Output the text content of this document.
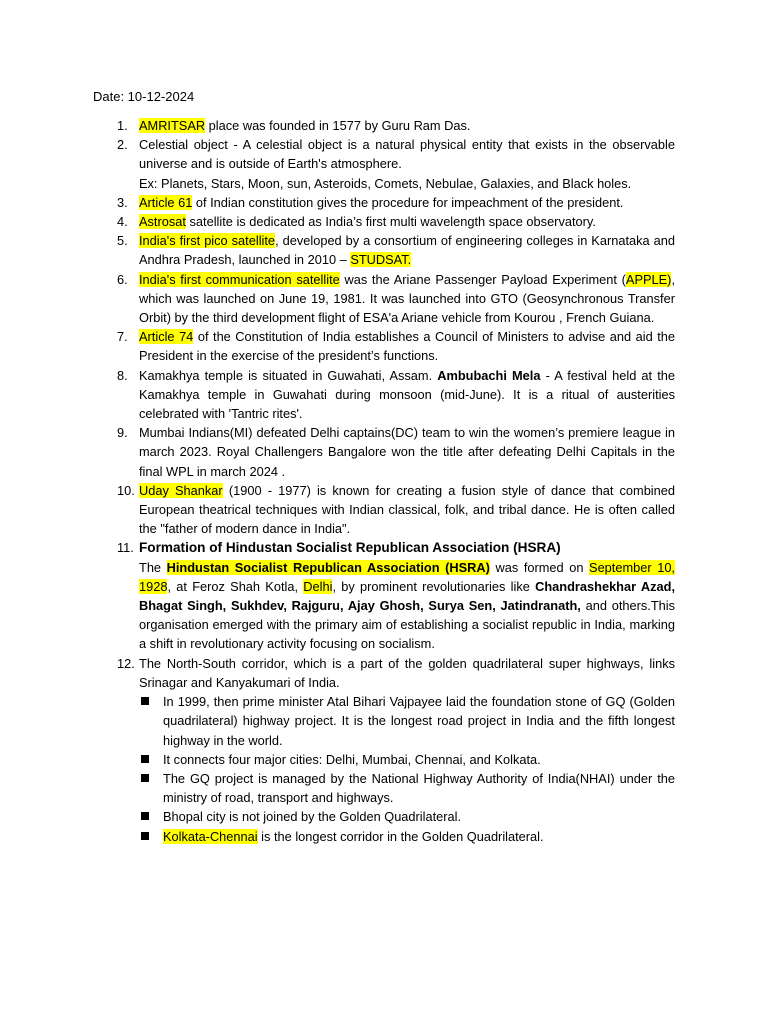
Date: 10-12-2024
1. AMRITSAR place was founded in 1577 by Guru Ram Das.
2. Celestial object - A celestial object is a natural physical entity that exists in the observable universe and is outside of Earth's atmosphere.
Ex: Planets, Stars, Moon, sun, Asteroids, Comets, Nebulae, Galaxies, and Black holes.
3. Article 61 of Indian constitution gives the procedure for impeachment of the president.
4. Astrosat satellite is dedicated as India’s first multi wavelength space observatory.
5. India's first pico satellite, developed by a consortium of engineering colleges in Karnataka and Andhra Pradesh, launched in 2010 – STUDSAT.
6. India's first communication satellite was the Ariane Passenger Payload Experiment (APPLE), which was launched on June 19, 1981. It was launched into GTO (Geosynchronous Transfer Orbit) by the third development flight of ESA'a Ariane vehicle from Kourou , French Guiana.
7. Article 74 of the Constitution of India establishes a Council of Ministers to advise and aid the President in the exercise of the president’s functions.
8. Kamakhya temple is situated in Guwahati, Assam. Ambubachi Mela - A festival held at the Kamakhya temple in Guwahati during monsoon (mid-June). It is a ritual of austerities celebrated with 'Tantric rites'.
9. Mumbai Indians(MI) defeated Delhi captains(DC) team to win the women’s premiere league in march 2023. Royal Challengers Bangalore won the title after defeating Delhi Capitals in the final WPL in march 2024 .
10. Uday Shankar (1900 - 1977) is known for creating a fusion style of dance that combined European theatrical techniques with Indian classical, folk, and tribal dance. He is often called the "father of modern dance in India".
11. Formation of Hindustan Socialist Republican Association (HSRA)
The Hindustan Socialist Republican Association (HSRA) was formed on September 10, 1928, at Feroz Shah Kotla, Delhi, by prominent revolutionaries like Chandrashekhar Azad, Bhagat Singh, Sukhdev, Rajguru, Ajay Ghosh, Surya Sen, Jatindranath, and others.This organisation emerged with the primary aim of establishing a socialist republic in India, marking a shift in revolutionary activity focusing on socialism.
12. The North-South corridor, which is a part of the golden quadrilateral super highways, links Srinagar and Kanyakumari of India.
In 1999, then prime minister Atal Bihari Vajpayee laid the foundation stone of GQ (Golden quadrilateral) highway project. It is the longest road project in India and the fifth longest highway in the world.
It connects four major cities: Delhi, Mumbai, Chennai, and Kolkata.
The GQ project is managed by the National Highway Authority of India(NHAI) under the ministry of road, transport and highways.
Bhopal city is not joined by the Golden Quadrilateral.
Kolkata-Chennai is the longest corridor in the Golden Quadrilateral.
